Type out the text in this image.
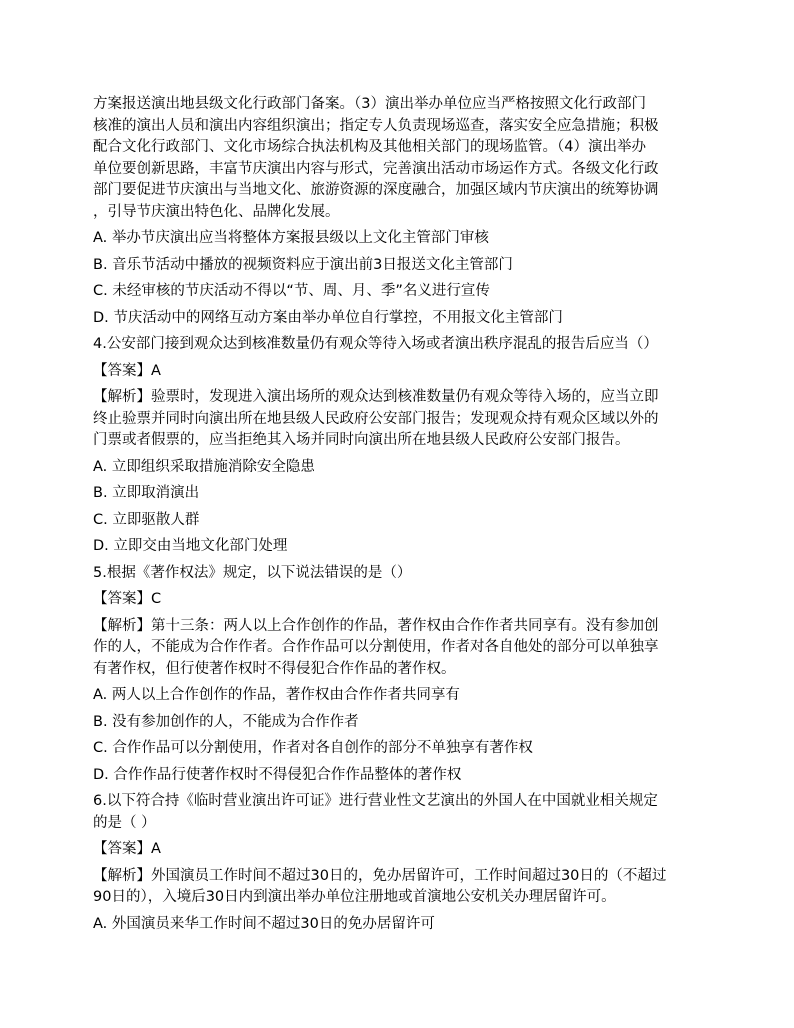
方案报送演出地县级文化行政部门备案。（3）演出举办单位应当严格按照文化行政部门
核准的演出人员和演出内容组织演出；指定专人负责现场巡查，落实安全应急措施；积极
配合文化行政部门、文化市场综合执法机构及其他相关部门的现场监管。（4）演出举办
单位要创新思路，丰富节庆演出内容与形式，完善演出活动市场运作方式。各级文化行政
部门要促进节庆演出与当地文化、旅游资源的深度融合，加强区域内节庆演出的统筹协调
，引导节庆演出特色化、品牌化发展。

A. 举办节庆演出应当将整体方案报县级以上文化主管部门审核

B. 音乐节活动中播放的视频资料应于演出前3日报送文化主管部门

C. 未经审核的节庆活动不得以“节、周、月、季”名义进行宣传

D. 节庆活动中的网络互动方案由举办单位自行掌控，不用报文化主管部门

4.公安部门接到观众达到核准数量仍有观众等待入场或者演出秩序混乱的报告后应当（）

【答案】A

【解析】验票时，发现进入演出场所的观众达到核准数量仍有观众等待入场的，应当立即
终止验票并同时向演出所在地县级人民政府公安部门报告；发现观众持有观众区域以外的
门票或者假票的，应当拒绝其入场并同时向演出所在地县级人民政府公安部门报告。

A. 立即组织采取措施消除安全隐患

B. 立即取消演出

C. 立即驱散人群

D. 立即交由当地文化部门处理

5.根据《著作权法》规定，以下说法错误的是（）

【答案】C

【解析】第十三条：两人以上合作创作的作品，著作权由合作作者共同享有。没有参加创
作的人，不能成为合作作者。合作作品可以分割使用，作者对各自他处的部分可以单独享
有著作权，但行使著作权时不得侵犯合作作品的著作权。

A. 两人以上合作创作的作品，著作权由合作作者共同享有

B. 没有参加创作的人，不能成为合作作者

C. 合作作品可以分割使用，作者对各自创作的部分不单独享有著作权

D. 合作作品行使著作权时不得侵犯合作作品整体的著作权

6.以下符合持《临时营业演出许可证》进行营业性文艺演出的外国人在中国就业相关规定
的是（ ）

【答案】A

【解析】外国演员工作时间不超过30日的，免办居留许可，工作时间超过30日的（不超过
90日的），入境后30日内到演出举办单位注册地或首演地公安机关办理居留许可。

A. 外国演员来华工作时间不超过30日的免办居留许可
